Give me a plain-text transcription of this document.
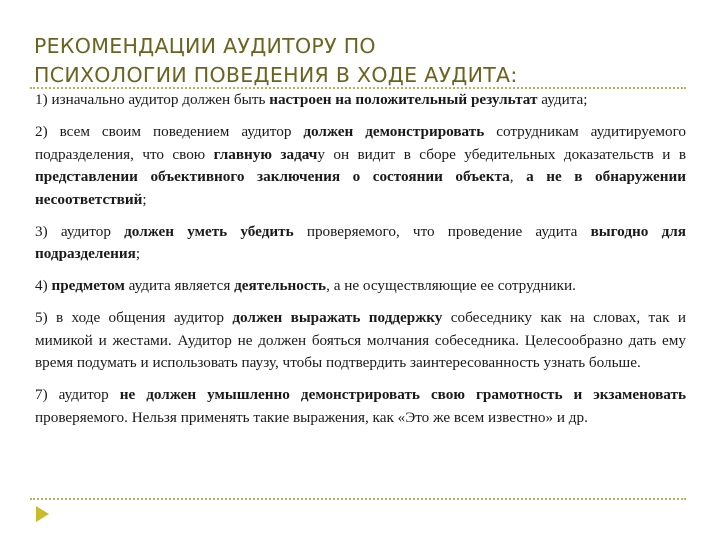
РЕКОМЕНДАЦИИ АУДИТОРУ ПО
ПСИХОЛОГИИ ПОВЕДЕНИЯ В ХОДЕ АУДИТА:

1) изначально аудитор должен быть настроен на положительный результат аудита;

2) всем своим поведением аудитор должен демонстрировать сотрудникам аудитируемого подразделения, что свою главную задачу он видит в сборе убедительных доказательств и в представлении объективного заключения о состоянии объекта, а не в обнаружении несоответствий;

3) аудитор должен уметь убедить проверяемого, что проведение аудита выгодно для подразделения;

4) предметом аудита является деятельность, а не осуществляющие ее сотрудники.

5) в ходе общения аудитор должен выражать поддержку собеседнику как на словах, так и мимикой и жестами. Аудитор не должен бояться молчания собеседника. Целесообразно дать ему время подумать и использовать паузу, чтобы подтвердить заинтересованность узнать больше.

7) аудитор не должен умышленно демонстрировать свою грамотность и экзаменовать проверяемого. Нельзя применять такие выражения, как «Это же всем известно» и др.
